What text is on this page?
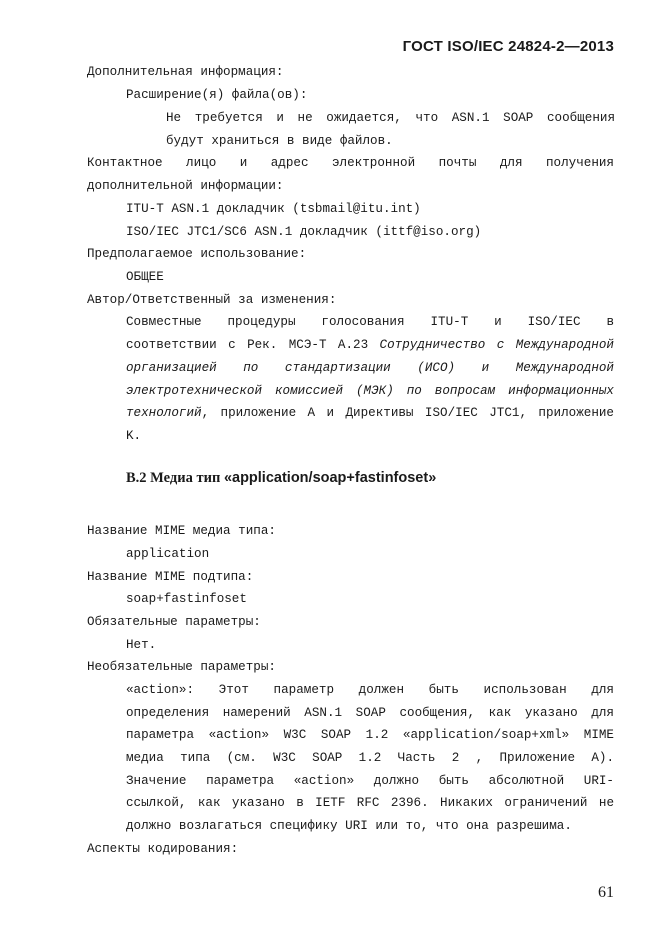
ГОСТ ISO/IEC 24824-2—2013
Дополнительная информация:
Расширение(я) файла(ов):
Не требуется и не ожидается, что ASN.1 SOAP сообщения
будут храниться в виде файлов.
Контактное лицо и адрес электронной почты для получения
дополнительной информации:
ITU-T ASN.1 докладчик (tsbmail@itu.int)
ISO/IEC JTC1/SC6 ASN.1 докладчик (ittf@iso.org)
Предполагаемое использование:
ОБЩЕЕ
Автор/Ответственный за изменения:
Совместные процедуры голосования ITU-T и ISO/IEC в
соответствии с Рек. МСЭ-Т А.23 Сотрудничество с Международной
организацией по стандартизации (ИСО) и Международной
электротехнической комиссией (МЭК) по вопросам информационных
технологий, приложение А и Директивы ISO/IEC JTC1, приложение
K.
B.2 Медиа тип «application/soap+fastinfoset»
Название MIME медиа типа:
application
Название MIME подтипа:
soap+fastinfoset
Обязательные параметры:
Нет.
Необязательные параметры:
«action»: Этот параметр должен быть использован для
определения намерений ASN.1 SOAP сообщения, как указано для
параметра «action» W3C SOAP 1.2 «application/soap+xml» MIME
медиа типа (см. W3C SOAP 1.2 Часть 2 , Приложение А).
Значение параметра «action» должно быть абсолютной URI-
ссылкой, как указано в IETF RFC 2396. Никаких ограничений не
должно возлагаться специфику URI или то, что она разрешима.
Аспекты кодирования:
61
